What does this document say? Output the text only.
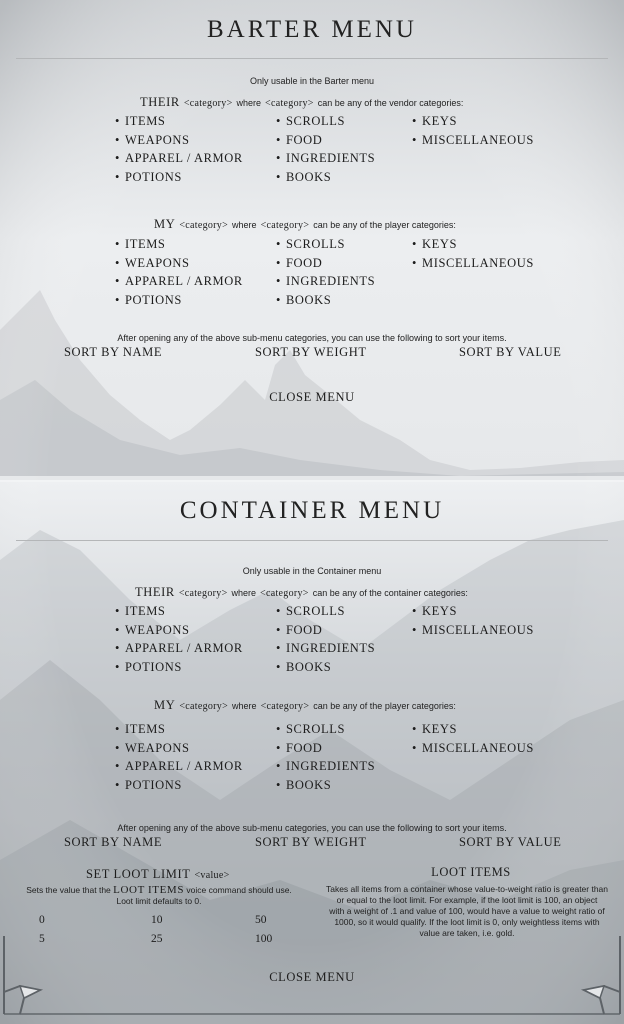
BARTER MENU
Only usable in the Barter menu
THEIR <category> where <category> can be any of the vendor categories:
• ITEMS
• WEAPONS
• APPAREL / ARMOR
• POTIONS
• SCROLLS
• FOOD
• INGREDIENTS
• BOOKS
• KEYS
• MISCELLANEOUS
MY <category> where <category> can be any of the player categories:
• ITEMS
• WEAPONS
• APPAREL / ARMOR
• POTIONS
• SCROLLS
• FOOD
• INGREDIENTS
• BOOKS
• KEYS
• MISCELLANEOUS
After opening any of the above sub-menu categories, you can use the following to sort your items.
SORT BY NAME	SORT BY WEIGHT	SORT BY VALUE
CLOSE MENU
CONTAINER MENU
Only usable in the Container menu
THEIR <category> where <category> can be any of the container categories:
• ITEMS
• WEAPONS
• APPAREL / ARMOR
• POTIONS
• SCROLLS
• FOOD
• INGREDIENTS
• BOOKS
• KEYS
• MISCELLANEOUS
MY <category> where <category> can be any of the player categories:
• ITEMS
• WEAPONS
• APPAREL / ARMOR
• POTIONS
• SCROLLS
• FOOD
• INGREDIENTS
• BOOKS
• KEYS
• MISCELLANEOUS
After opening any of the above sub-menu categories, you can use the following to sort your items.
SORT BY NAME	SORT BY WEIGHT	SORT BY VALUE
SET LOOT LIMIT <value>
Sets the value that the LOOT ITEMS voice command should use.
Loot limit defaults to 0.
0	10	50
5	25	100
LOOT ITEMS
Takes all items from a container whose value-to-weight ratio is greater than
or equal to the loot limit. For example, if the loot limit is 100, an object
with a weight of .1 and value of 100, would have a value to weight ratio of
1000, so it would qualify. If the loot limit is 0, only weightless items with
value are taken, i.e. gold.
CLOSE MENU
